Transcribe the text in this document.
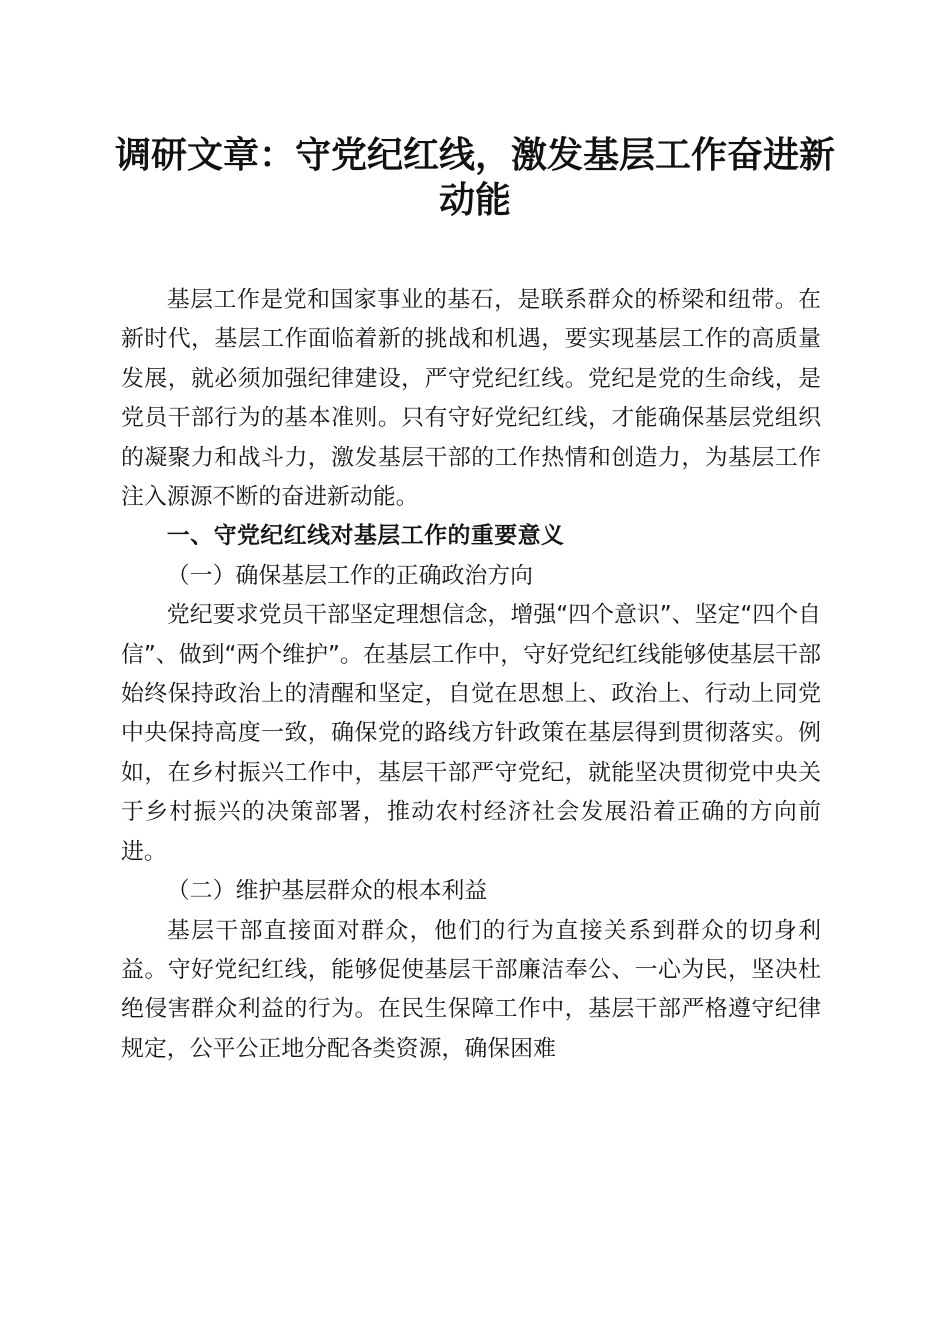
调研文章：守党纪红线，激发基层工作奋进新
动能

基层工作是党和国家事业的基石，是联系群众的桥梁和纽带。在新时代，基层工作面临着新的挑战和机遇，要实现基层工作的高质量发展，就必须加强纪律建设，严守党纪红线。党纪是党的生命线，是党员干部行为的基本准则。只有守好党纪红线，才能确保基层党组织的凝聚力和战斗力，激发基层干部的工作热情和创造力，为基层工作注入源源不断的奋进新动能。

一、守党纪红线对基层工作的重要意义
（一）确保基层工作的正确政治方向

党纪要求党员干部坚定理想信念，增强“四个意识”、坚定“四个自信”、做到“两个维护”。在基层工作中，守好党纪红线能够使基层干部始终保持政治上的清醒和坚定，自觉在思想上、政治上、行动上同党中央保持高度一致，确保党的路线方针政策在基层得到贯彻落实。例如，在乡村振兴工作中，基层干部严守党纪，就能坚决贯彻党中央关于乡村振兴的决策部署，推动农村经济社会发展沿着正确的方向前进。

（二）维护基层群众的根本利益

基层干部直接面对群众，他们的行为直接关系到群众的切身利益。守好党纪红线，能够促使基层干部廉洁奉公、一心为民，坚决杜绝侵害群众利益的行为。在民生保障工作中，基层干部严格遵守纪律规定，公平公正地分配各类资源，确保困难
